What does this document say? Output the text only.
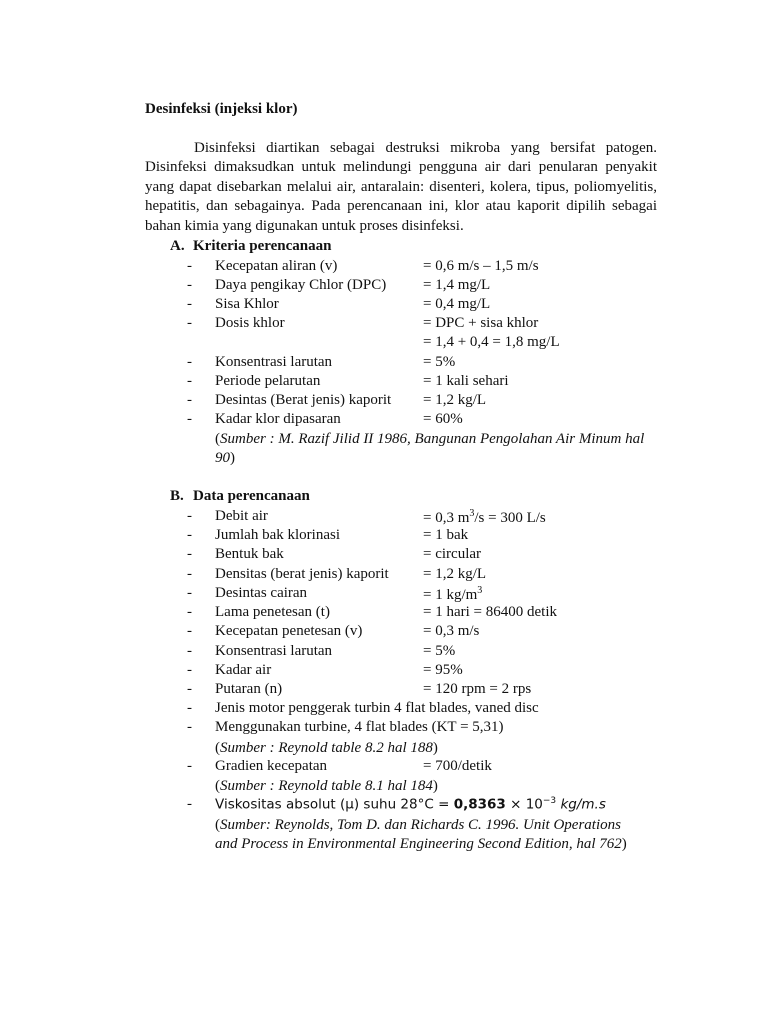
Desinfeksi (injeksi klor)
Disinfeksi diartikan sebagai destruksi mikroba yang bersifat patogen.
Disinfeksi dimaksudkan untuk melindungi pengguna air dari penularan penyakit
yang dapat disebarkan melalui air, antaralain: disenteri, kolera, tipus, poliomyelitis,
hepatitis, dan sebagainya. Pada perencanaan ini, klor atau kaporit dipilih sebagai
bahan kimia yang digunakan untuk proses disinfeksi.
A. Kriteria perencanaan
- Kecepatan aliran (v)	= 0,6 m/s – 1,5 m/s
- Daya pengikay Chlor (DPC) = 1,4 mg/L
- Sisa Khlor	= 0,4 mg/L
- Dosis khlor	= DPC + sisa khlor
= 1,4 + 0,4 = 1,8 mg/L
- Konsentrasi larutan	= 5%
- Periode pelarutan	= 1 kali sehari
- Desintas (Berat jenis) kaporit = 1,2 kg/L
- Kadar klor dipasaran	= 60%
(Sumber : M. Razif Jilid II 1986, Bangunan Pengolahan Air Minum hal 90)
B. Data perencanaan
- Debit air	= 0,3 $m^3/s = 300$ L/s
- Jumlah bak klorinasi	= 1 bak
- Bentuk bak	= circular
- Densitas (berat jenis) kaporit = 1,2 kg/L
- Desintas cairan	= 1 $kg/m^3$
- Lama penetesan (t)	= 1 hari = 86400 detik
- Kecepatan penetesan (v)	= 0,3 m/s
- Konsentrasi larutan	= 5%
- Kadar air	= 95%
- Putaran (n)	= 120 rpm = 2 rps
- Jenis motor penggerak turbin 4 flat blades, vaned disc
- Menggunakan turbine, 4 flat blades (KT = 5,31)
(Sumber : Reynold table 8.2 hal 188)
- Gradien kecepatan	= 700/detik
(Sumber : Reynold table 8.1 hal 184)
- Viskositas absolut (μ) suhu $28^\circ C = 0,8363 \times 10^{-3}$ kg/m.s
(Sumber: Reynolds, Tom D. dan Richards C. 1996. Unit Operations
and Process in Environmental Engineering Second Edition, hal 762)
